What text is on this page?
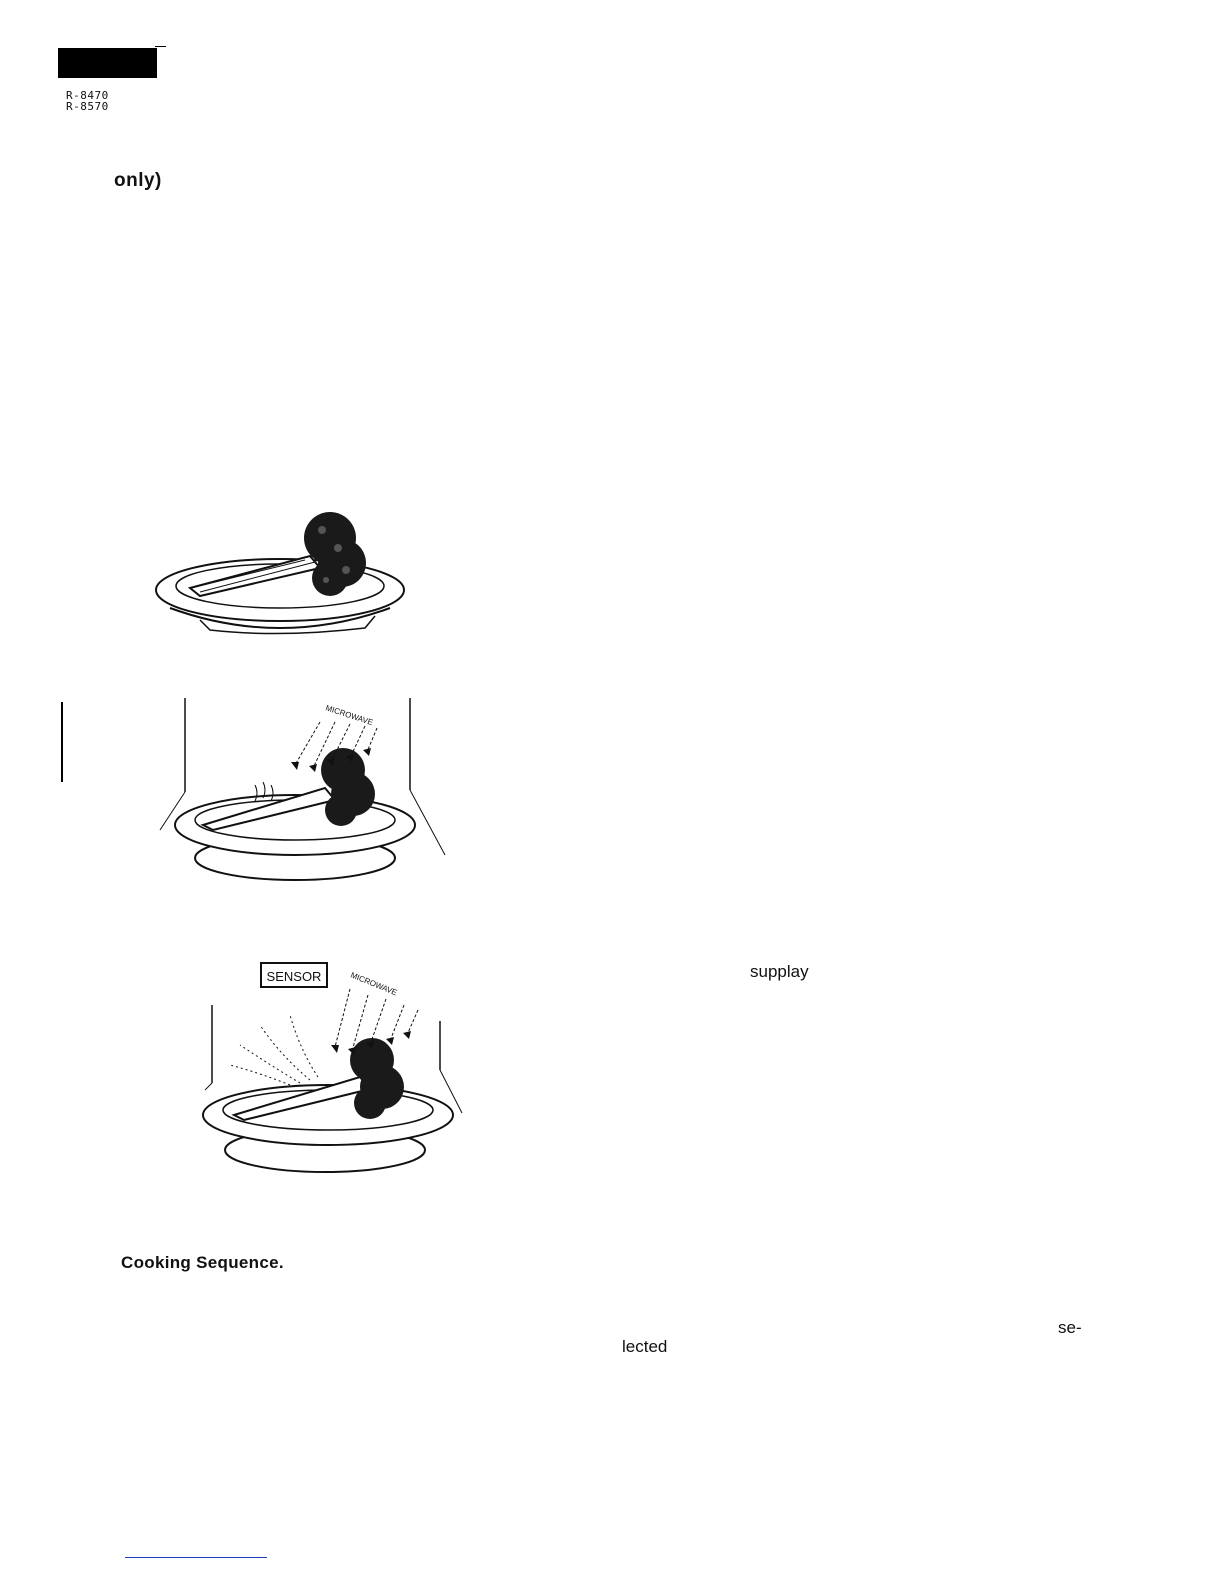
R-8470
R-8570
only)
MICROWAVE
SENSOR	MICROWAVE	supplay
Cooking Sequence.
se-
lected
